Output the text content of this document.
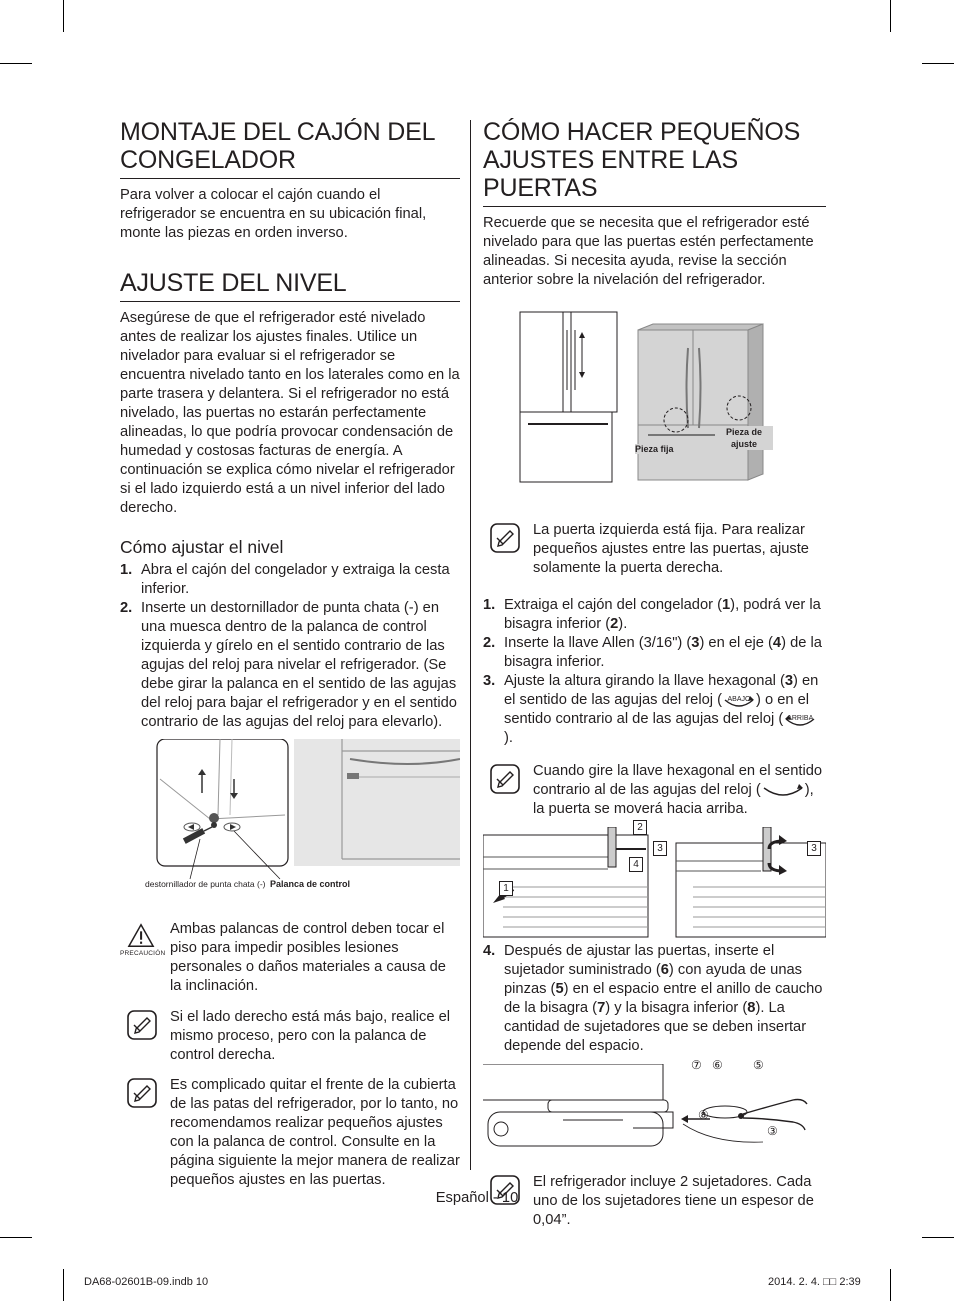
MONTAJE DEL CAJÓN DEL CONGELADOR

Para volver a colocar el cajón cuando el refrigerador se encuentra en su ubicación final, monte las piezas en orden inverso.

AJUSTE DEL NIVEL

Asegúrese de que el refrigerador esté nivelado antes de realizar los ajustes finales. Utilice un nivelador para evaluar si el refrigerador se encuentra nivelado tanto en los laterales como en la parte trasera y delantera. Si el refrigerador no está nivelado, las puertas no estarán perfectamente alineadas, lo que podría provocar condensación de humedad y costosas facturas de energía. A continuación se explica cómo nivelar el refrigerador si el lado izquierdo está a un nivel inferior del lado derecho.

Cómo ajustar el nivel
1. Abra el cajón del congelador y extraiga la cesta inferior.
2. Inserte un destornillador de punta chata (-) en una muesca dentro de la palanca de control izquierda y gírelo en el sentido contrario de las agujas del reloj para nivelar el refrigerador. (Se debe girar la palanca en el sentido de las agujas del reloj para bajar el refrigerador y en el sentido contrario de las agujas del reloj para elevarlo).
destornillador de punta chata (-) Palanca de control
PRECAUCIÓN
Ambas palancas de control deben tocar el piso para impedir posibles lesiones personales o daños materiales a causa de la inclinación.
Si el lado derecho está más bajo, realice el mismo proceso, pero con la palanca de control derecha.
Es complicado quitar el frente de la cubierta de las patas del refrigerador, por lo tanto, no recomendamos realizar pequeños ajustes con la palanca de control. Consulte en la página siguiente la mejor manera de realizar pequeños ajustes en las puertas.
CÓMO HACER PEQUEÑOS AJUSTES ENTRE LAS PUERTAS

Recuerde que se necesita que el refrigerador esté nivelado para que las puertas estén perfectamente alineadas. Si necesita ayuda, revise la sección anterior sobre la nivelación del refrigerador.

Pieza fija
Pieza de ajuste
La puerta izquierda está fija. Para realizar pequeños ajustes entre las puertas, ajuste solamente la puerta derecha.
1. Extraiga el cajón del congelador (1), podrá ver la bisagra inferior (2).
2. Inserte la llave Allen (3/16") (3) en el eje (4) de la bisagra inferior.
3. Ajuste la altura girando la llave hexagonal (3) en el sentido de las agujas del reloj ( ABAJO ) o en el sentido contrario al de las agujas del reloj ( ARRIBA
).
Cuando gire la llave hexagonal en el sentido contrario al de las agujas del reloj (	), la puerta se moverá hacia arriba.
2
3
4
1
3
4. Después de ajustar las puertas, inserte el sujetador suministrado (6) con ayuda de unas pinzas (5) en el espacio entre el anillo de caucho de la bisagra (7) y la bisagra inferior (8). La cantidad de sujetadores que se deben insertar depende del espacio.
⑦ ⑥	⑤
⑧
③
El refrigerador incluye 2 sujetadores. Cada uno de los sujetadores tiene un espesor de 0,04”.
Español - 10
DA68-02601B-09.indb 10	2014. 2. 4. □□ 2:39
